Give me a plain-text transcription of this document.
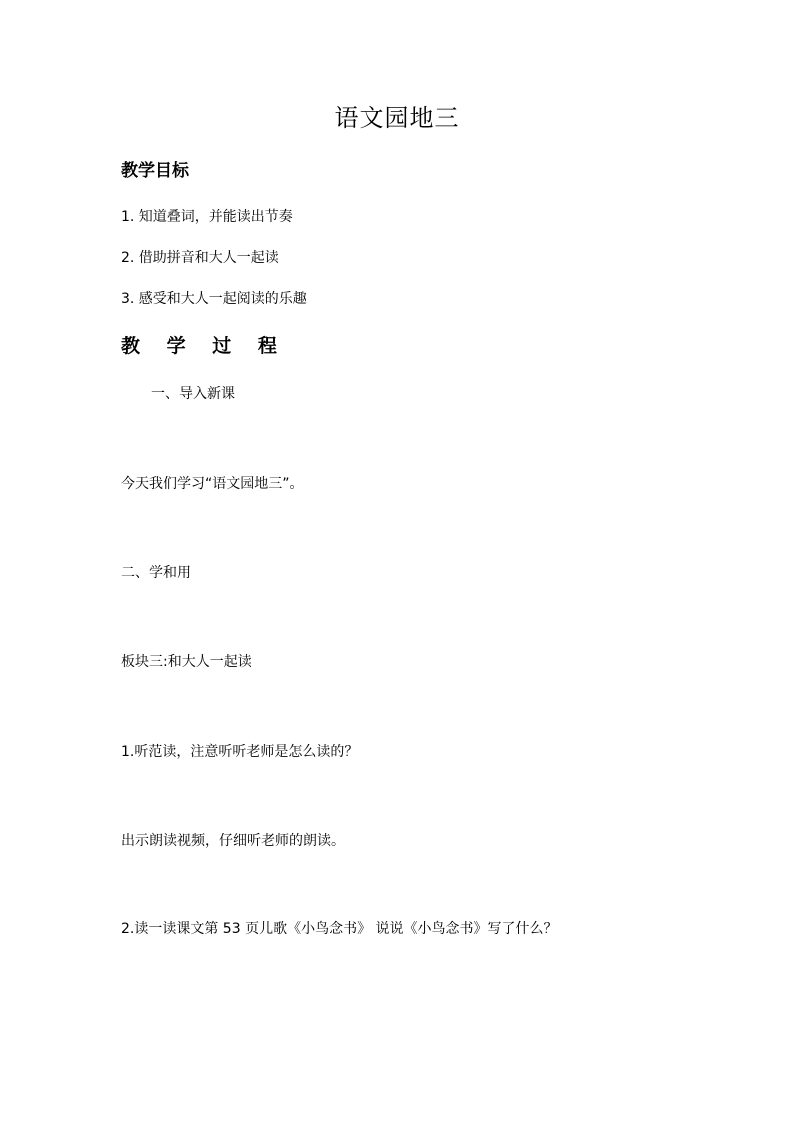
语文园地三
教学目标
1. 知道叠词，并能读出节奏
2. 借助拼音和大人一起读
3. 感受和大人一起阅读的乐趣
教 学 过 程
一、导入新课
今天我们学习“语文园地三”。
二、学和用
板块三:和大人一起读
1.听范读，注意听听老师是怎么读的？
出示朗读视频，仔细听老师的朗读。
2.读一读课文第 53 页儿歌《小鸟念书》 说说《小鸟念书》写了什么？
